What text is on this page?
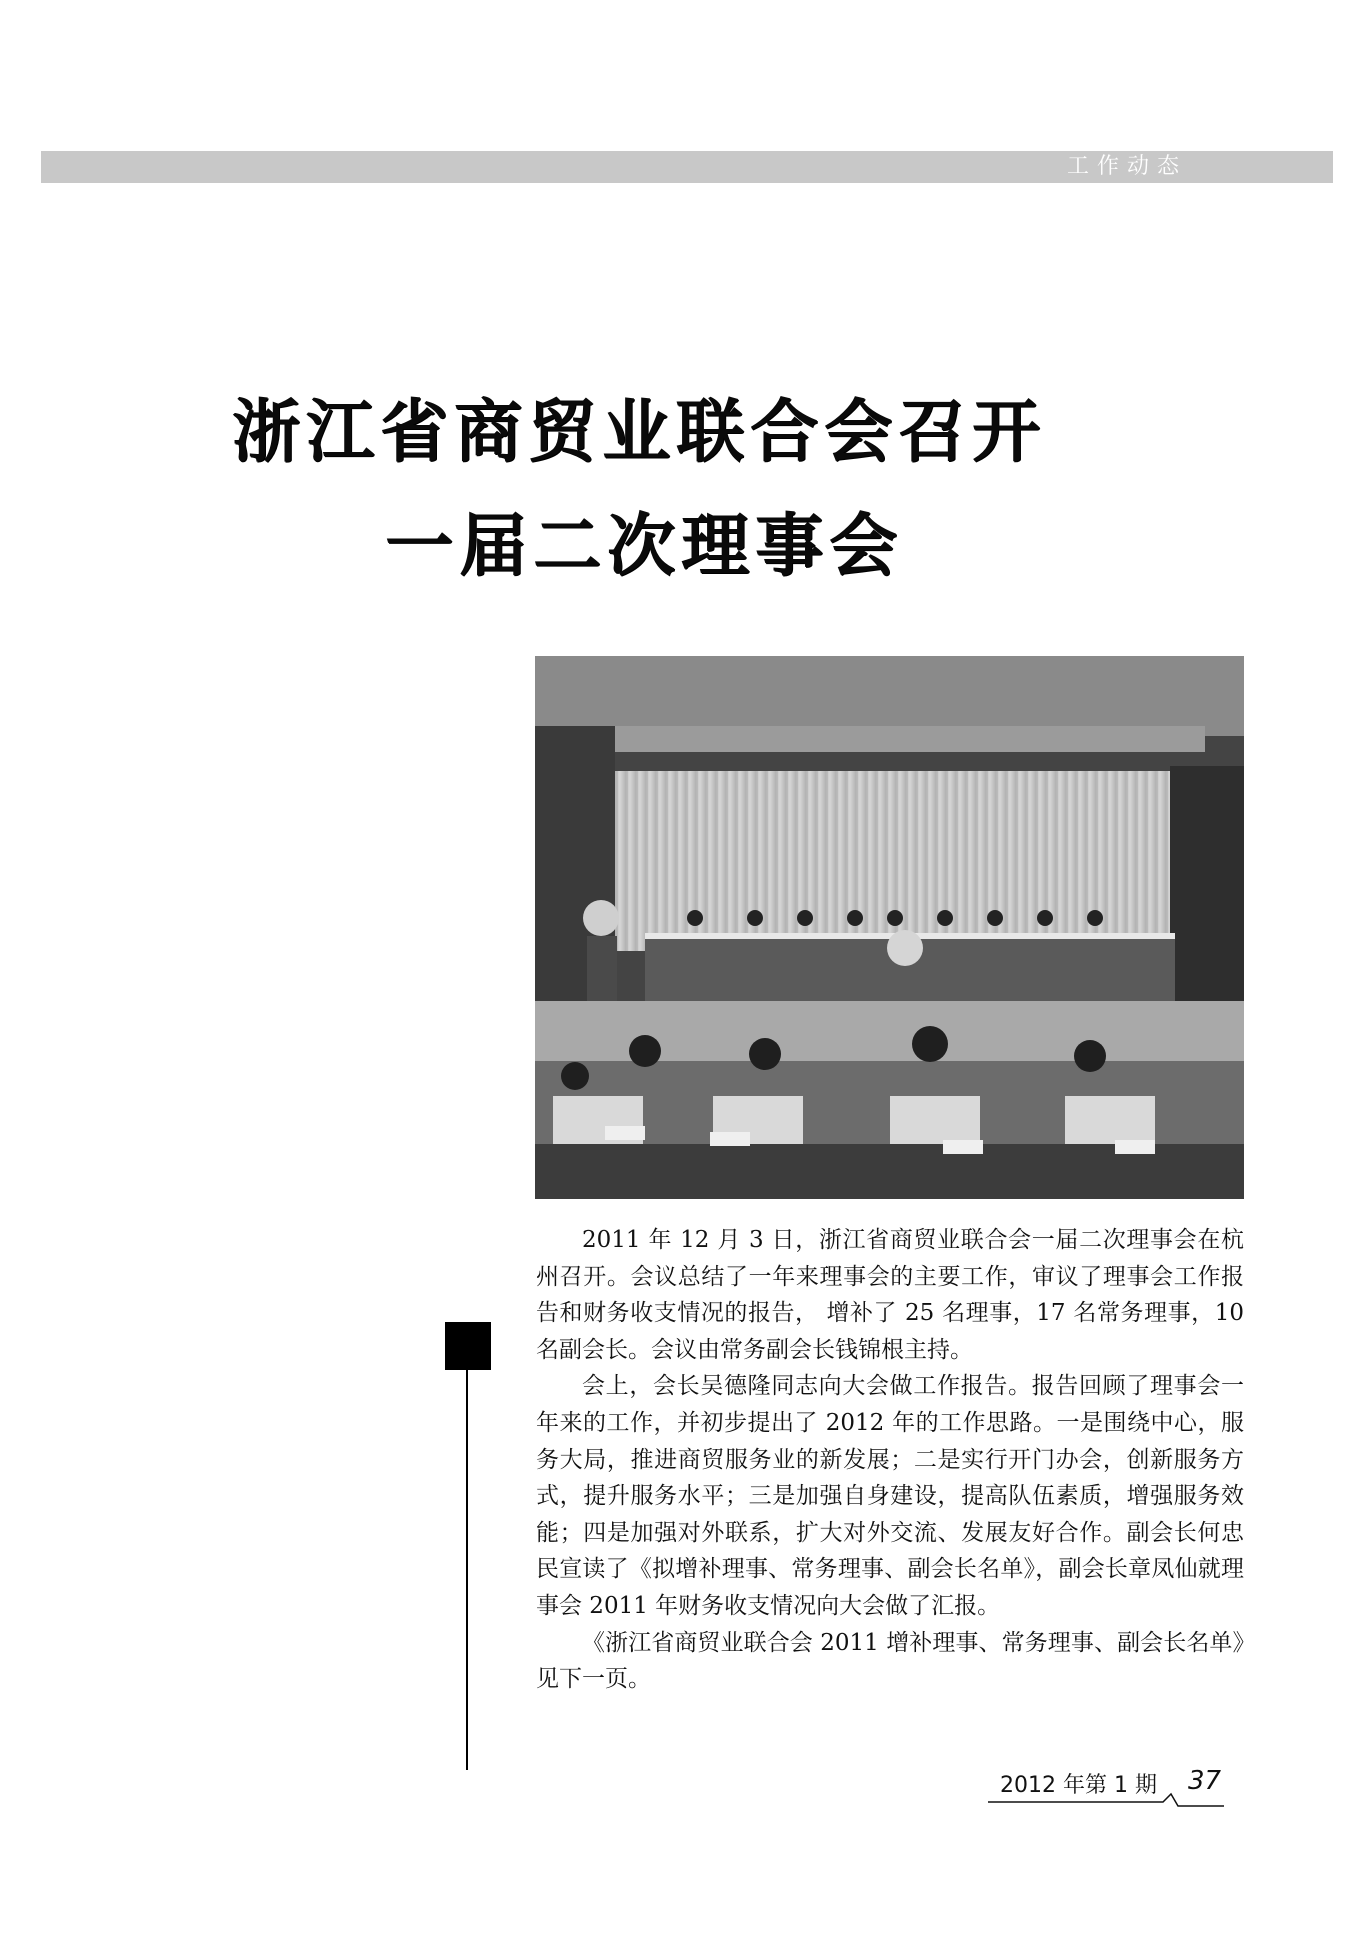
工作动态
浙江省商贸业联合会召开
一届二次理事会

2011 年 12 月 3 日，浙江省商贸业联合会一届二次理事会在杭州召开。会议总结了一年来理事会的主要工作，审议了理事会工作报告和财务收支情况的报告， 增补了 25 名理事，17 名常务理事，10 名副会长。会议由常务副会长钱锦根主持。

会上，会长吴德隆同志向大会做工作报告。报告回顾了理事会一年来的工作，并初步提出了 2012 年的工作思路。一是围绕中心，服务大局，推进商贸服务业的新发展；二是实行开门办会，创新服务方式，提升服务水平；三是加强自身建设，提高队伍素质，增强服务效能；四是加强对外联系，扩大对外交流、发展友好合作。副会长何忠民宣读了《拟增补理事、常务理事、副会长名单》，副会长章凤仙就理事会 2011 年财务收支情况向大会做了汇报。

《浙江省商贸业联合会 2011 增补理事、常务理事、副会长名单》见下一页。

2012 年第 1 期 37
